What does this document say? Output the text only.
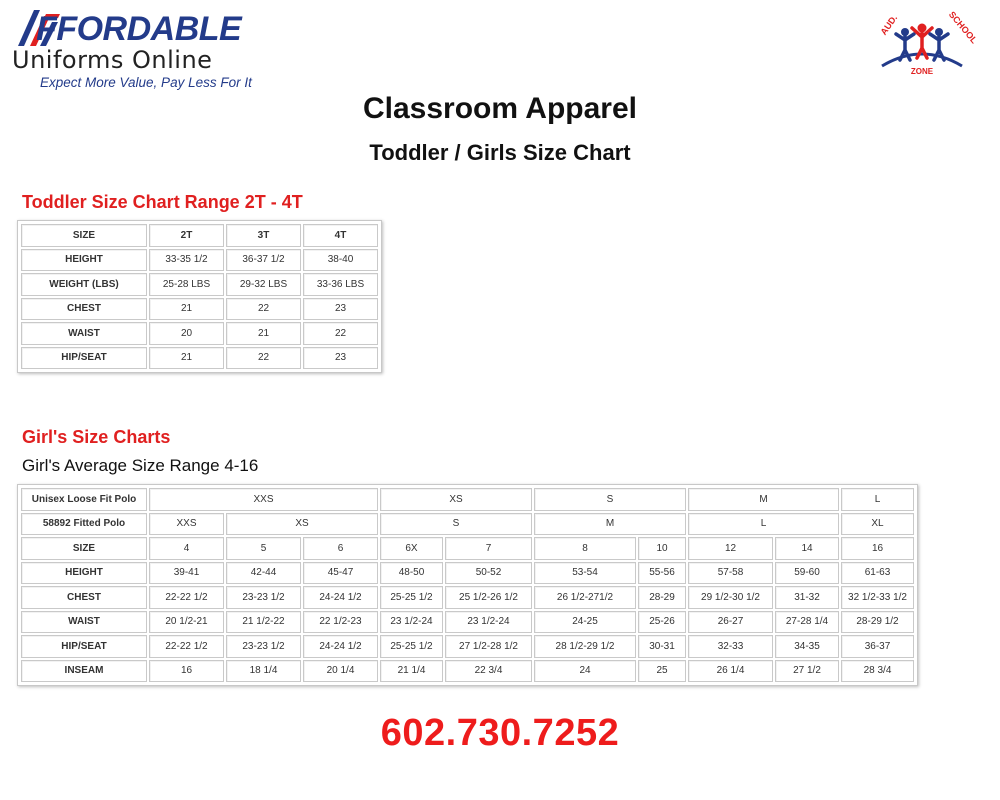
FFORDABLE
Uniforms Online
Expect More Value, Pay Less For It
AUD.	SCHOOL
ZONE
Classroom Apparel
Toddler / Girls Size Chart
Toddler Size Chart Range 2T - 4T
SIZE	2T	3T	4T
HEIGHT	33-35 1/2	36-37 1/2	38-40
WEIGHT (LBS)	25-28 LBS	29-32 LBS	33-36 LBS
CHEST	21	22	23
WAIST	20	21	22
HIP/SEAT	21	22	23
Girl's Size Charts
Girl's Average Size Range 4-16
Unisex Loose Fit Polo	XXS			XS		S		M		L
58892 Fitted Polo	XXS	XS		S		M		L		XL
SIZE	4	5	6	6X	7	8	10	12	14	16
HEIGHT	39-41	42-44	45-47	48-50	50-52	53-54	55-56	57-58	59-60	61-63
CHEST	22-22 1/2	23-23 1/2	24-24 1/2	25-25 1/2	25 1/2-26 1/2	26 1/2-271/2	28-29	29 1/2-30 1/2	31-32	32 1/2-33 1/2
WAIST	20 1/2-21	21 1/2-22	22 1/2-23	23 1/2-24	23 1/2-24	24-25	25-26	26-27	27-28 1/4	28-29 1/2
HIP/SEAT	22-22 1/2	23-23 1/2	24-24 1/2	25-25 1/2	27 1/2-28 1/2	28 1/2-29 1/2	30-31	32-33	34-35	36-37
INSEAM	16	18 1/4	20 1/4	21 1/4	22 3/4	24	25	26 1/4	27 1/2	28 3/4
602.730.7252
